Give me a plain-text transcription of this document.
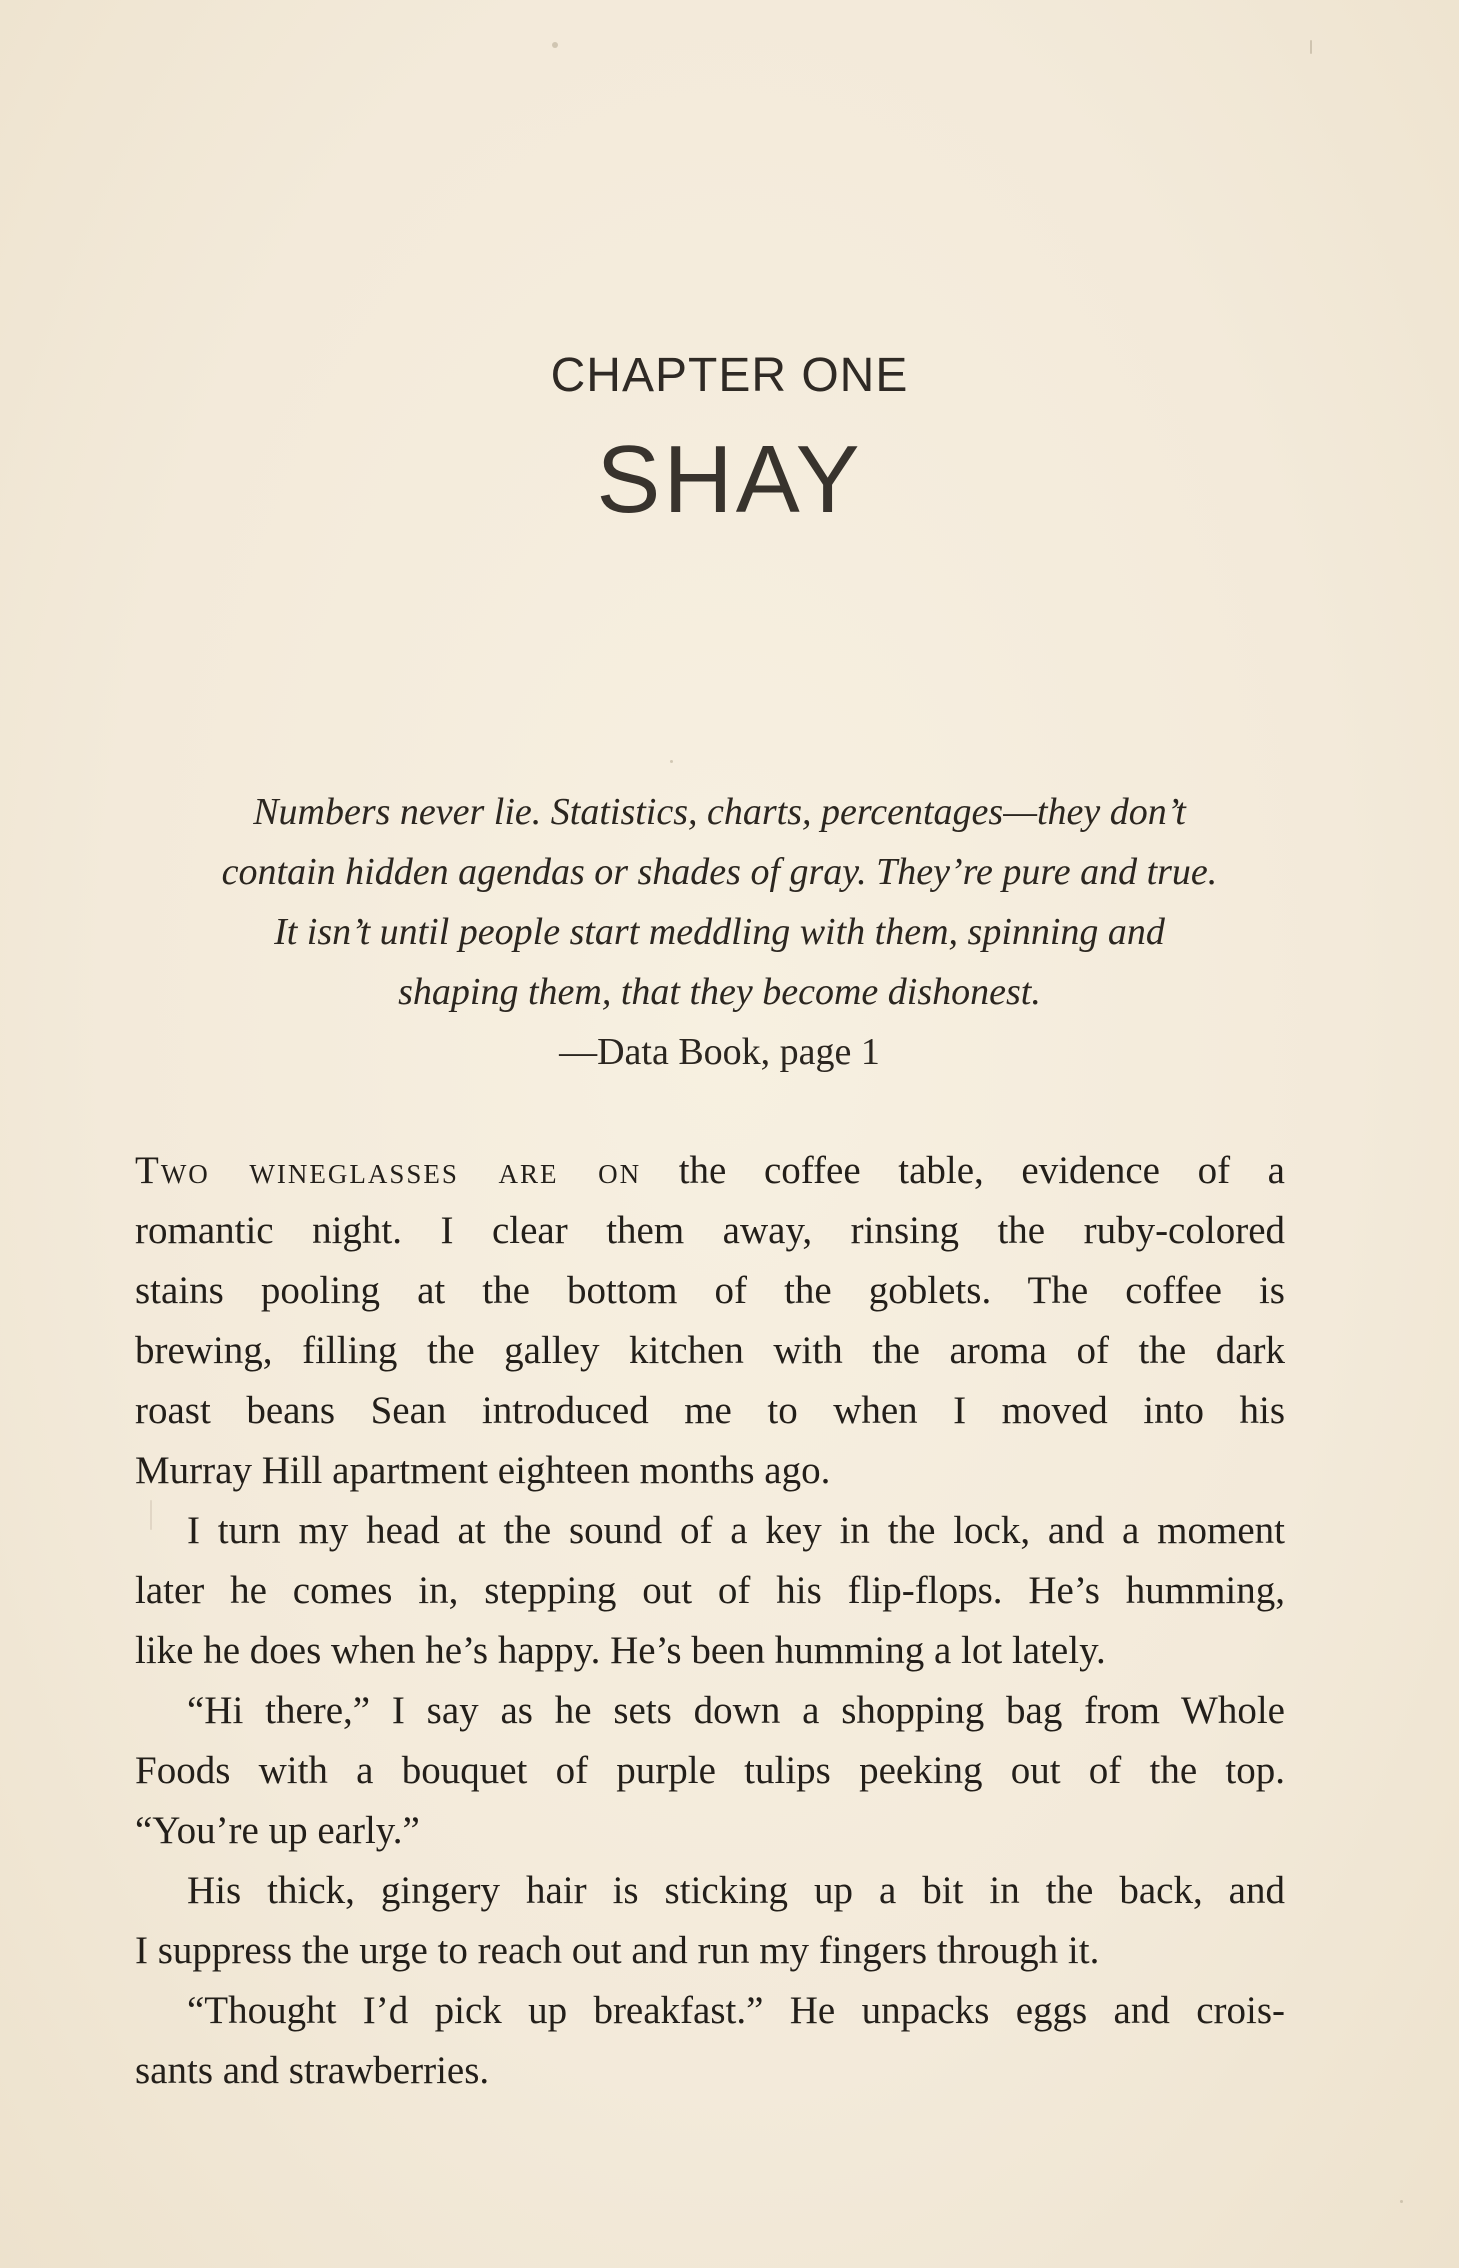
CHAPTER ONE
SHAY
Numbers never lie. Statistics, charts, percentages—they don’t
contain hidden agendas or shades of gray. They’re pure and true.
It isn’t until people start meddling with them, spinning and
shaping them, that they become dishonest.
—Data Book, page 1
Two wineglasses are on the coffee table, evidence of a
romantic night. I clear them away, rinsing the ruby-colored
stains pooling at the bottom of the goblets. The coffee is
brewing, filling the galley kitchen with the aroma of the dark
roast beans Sean introduced me to when I moved into his
Murray Hill apartment eighteen months ago.
I turn my head at the sound of a key in the lock, and a moment
later he comes in, stepping out of his flip-flops. He’s humming,
like he does when he’s happy. He’s been humming a lot lately.
“Hi there,” I say as he sets down a shopping bag from Whole
Foods with a bouquet of purple tulips peeking out of the top.
“You’re up early.”
His thick, gingery hair is sticking up a bit in the back, and
I suppress the urge to reach out and run my fingers through it.
“Thought I’d pick up breakfast.” He unpacks eggs and crois-
sants and strawberries.
